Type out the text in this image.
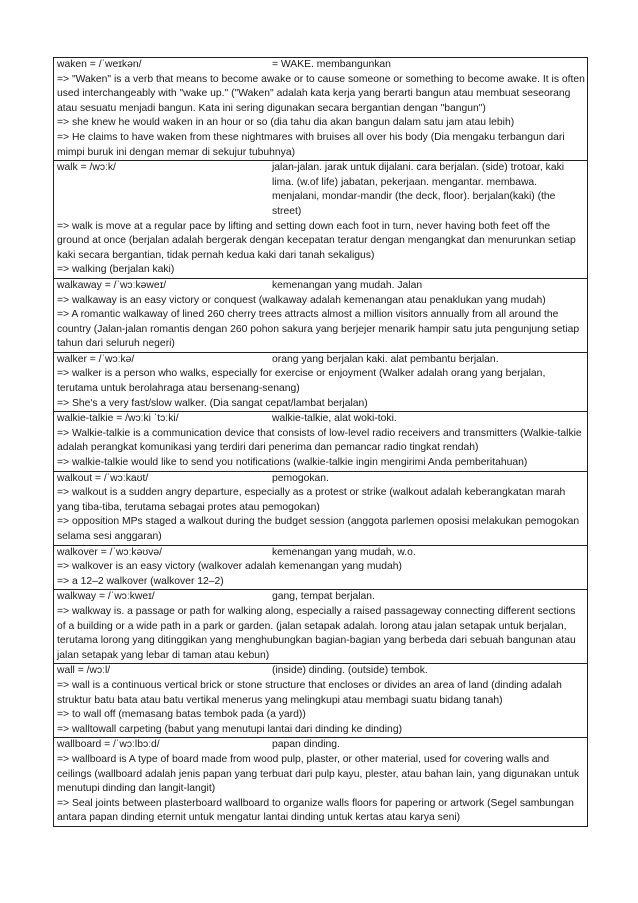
waken = /ˈweɪkən/	= WAKE. membangunkan
=> "Waken" is a verb that means to become awake or to cause someone or something to become awake. It is often used interchangeably with "wake up." ("Waken" adalah kata kerja yang berarti bangun atau membuat seseorang atau sesuatu menjadi bangun. Kata ini sering digunakan secara bergantian dengan "bangun")
=> she knew he would waken in an hour or so (dia tahu dia akan bangun dalam satu jam atau lebih)
=> He claims to have waken from these nightmares with bruises all over his body (Dia mengaku terbangun dari mimpi buruk ini dengan memar di sekujur tubuhnya)
walk = /wɔːk/	jalan-jalan. jarak untuk dijalani. cara berjalan. (side) trotoar, kaki lima. (w.of life) jabatan, pekerjaan. mengantar. membawa. menjalani, mondar-mandir (the deck, floor). berjalan(kaki) (the street)
=> walk is move at a regular pace by lifting and setting down each foot in turn, never having both feet off the ground at once (berjalan adalah bergerak dengan kecepatan teratur dengan mengangkat dan menurunkan setiap kaki secara bergantian, tidak pernah kedua kaki dari tanah sekaligus)
=> walking (berjalan kaki)
walkaway = /ˈwɔːkəweɪ/	kemenangan yang mudah. Jalan
=> walkaway is an easy victory or conquest (walkaway adalah kemenangan atau penaklukan yang mudah)
=> A romantic walkaway of lined 260 cherry trees attracts almost a million visitors annually from all around the country (Jalan-jalan romantis dengan 260 pohon sakura yang berjejer menarik hampir satu juta pengunjung setiap tahun dari seluruh negeri)
walker = /ˈwɔːkə/	orang yang berjalan kaki. alat pembantu berjalan.
=> walker is a person who walks, especially for exercise or enjoyment (Walker adalah orang yang berjalan, terutama untuk berolahraga atau bersenang-senang)
=> She's a very fast/slow walker. (Dia sangat cepat/lambat berjalan)
walkie-talkie = /wɔːki ˈtɔːki/	walkie-talkie, alat woki-toki.
=> Walkie-talkie is a communication device that consists of low-level radio receivers and transmitters (Walkie-talkie adalah perangkat komunikasi yang terdiri dari penerima dan pemancar radio tingkat rendah)
=> walkie-talkie would like to send you notifications (walkie-talkie ingin mengirimi Anda pemberitahuan)
walkout = /ˈwɔːkaʊt/	pemogokan.
=> walkout is a sudden angry departure, especially as a protest or strike (walkout adalah keberangkatan marah yang tiba-tiba, terutama sebagai protes atau pemogokan)
=> opposition MPs staged a walkout during the budget session (anggota parlemen oposisi melakukan pemogokan selama sesi anggaran)
walkover = /ˈwɔːkəʊvə/	kemenangan yang mudah, w.o.
=> walkover is an easy victory (walkover adalah kemenangan yang mudah)
=> a 12–2 walkover (walkover 12–2)
walkway = /ˈwɔːkweɪ/	gang, tempat berjalan.
=> walkway is. a passage or path for walking along, especially a raised passageway connecting different sections of a building or a wide path in a park or garden. (jalan setapak adalah. lorong atau jalan setapak untuk berjalan, terutama lorong yang ditinggikan yang menghubungkan bagian-bagian yang berbeda dari sebuah bangunan atau jalan setapak yang lebar di taman atau kebun)
wall = /wɔːl/	(inside) dinding. (outside) tembok.
=> wall is a continuous vertical brick or stone structure that encloses or divides an area of land (dinding adalah struktur batu bata atau batu vertikal menerus yang melingkupi atau membagi suatu bidang tanah)
=> to wall off (memasang batas tembok pada (a yard))
=> walltowall carpeting (babut yang menutupi lantai dari dinding ke dinding)
wallboard = /ˈwɔːlbɔːd/	papan dinding.
=> wallboard is A type of board made from wood pulp, plaster, or other material, used for covering walls and ceilings (wallboard adalah jenis papan yang terbuat dari pulp kayu, plester, atau bahan lain, yang digunakan untuk menutupi dinding dan langit-langit)
=> Seal joints between plasterboard wallboard to organize walls floors for papering or artwork (Segel sambungan antara papan dinding eternit untuk mengatur lantai dinding untuk kertas atau karya seni)
